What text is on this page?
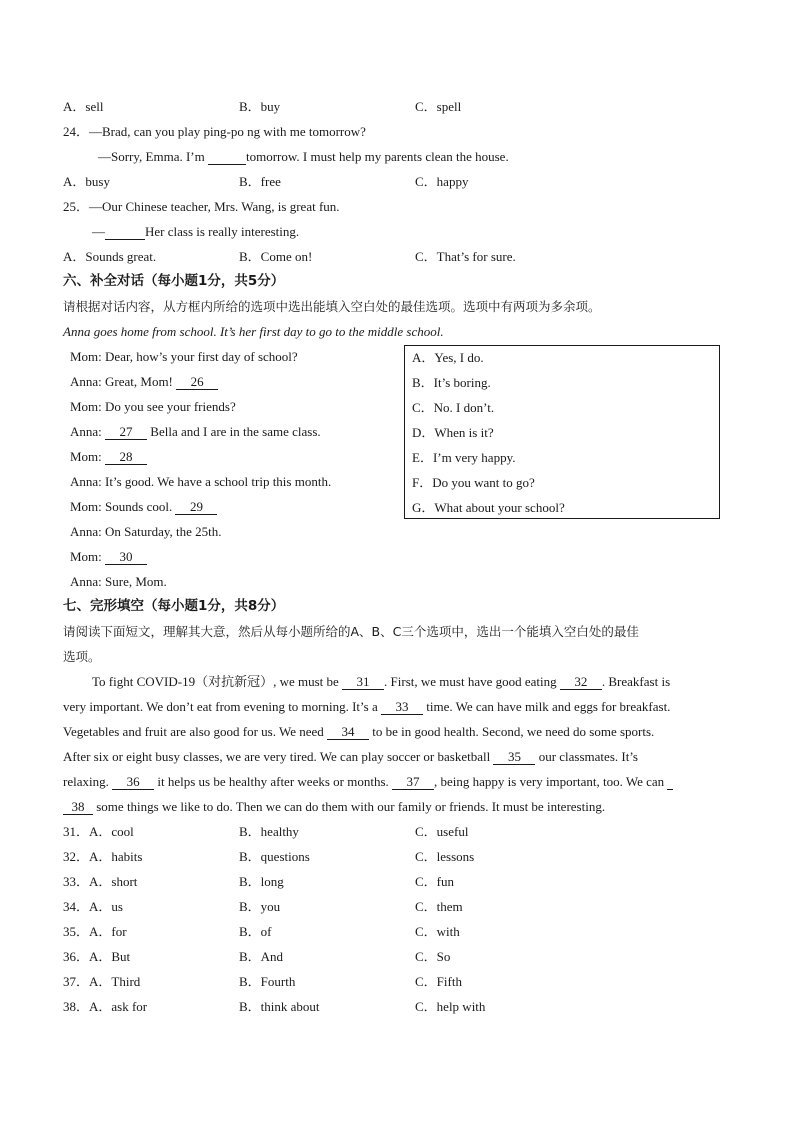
A．sell	B．buy	C．spell
24．—Brad, can you play ping-po ng with me tomorrow?
—Sorry, Emma. I’m	tomorrow. I must help my parents clean the house.
A．busy	B．free	C．happy
25．—Our Chinese teacher, Mrs. Wang, is great fun.
—	Her class is really interesting.
A．Sounds great.	B．Come on!	C．That’s for sure.
六、补全对话（每小题1分，共5分）
请根据对话内容，从方框内所给的选项中选出能填入空白处的最佳选项。选项中有两项为多余项。
Anna goes home from school. It’s her first day to go to the middle school.
Mom: Dear, how’s your first day of school?
Anna: Great, Mom! 26
Mom: Do you see your friends?
Anna: 27 Bella and I are in the same class.
Mom: 28
Anna: It’s good. We have a school trip this month.
Mom: Sounds cool. 29
Anna: On Saturday, the 25th.
Mom: 30
Anna: Sure, Mom.
A．Yes, I do.
B．It’s boring.
C．No. I don’t.
D．When is it?
E．I’m very happy.
F．Do you want to go?
G．What about your school?
七、完形填空（每小题1分，共8分）
请阅读下面短文，理解其大意，然后从每小题所给的A、B、C三个选项中，选出一个能填入空白处的最佳
选项。
To fight COVID-19（对抗新冠）, we must be 31 . First, we must have good eating 32 . Breakfast is
very important. We don’t eat from evening to morning. It’s a 33 time. We can have milk and eggs for breakfast.
Vegetables and fruit are also good for us. We need 34 to be in good health. Second, we need do some sports.
After six or eight busy classes, we are very tired. We can play soccer or basketball 35 our classmates. It’s
relaxing. 36 it helps us be healthy after weeks or months. 37 , being happy is very important, too. We can
38 some things we like to do. Then we can do them with our family or friends. It must be interesting.
31．A．cool	B．healthy	C．useful
32．A．habits	B．questions	C．lessons
33．A．short	B．long	C．fun
34．A．us	B．you	C．them
35．A．for	B．of	C．with
36．A．But	B．And	C．So
37．A．Third	B．Fourth	C．Fifth
38．A．ask for	B．think about	C．help with
